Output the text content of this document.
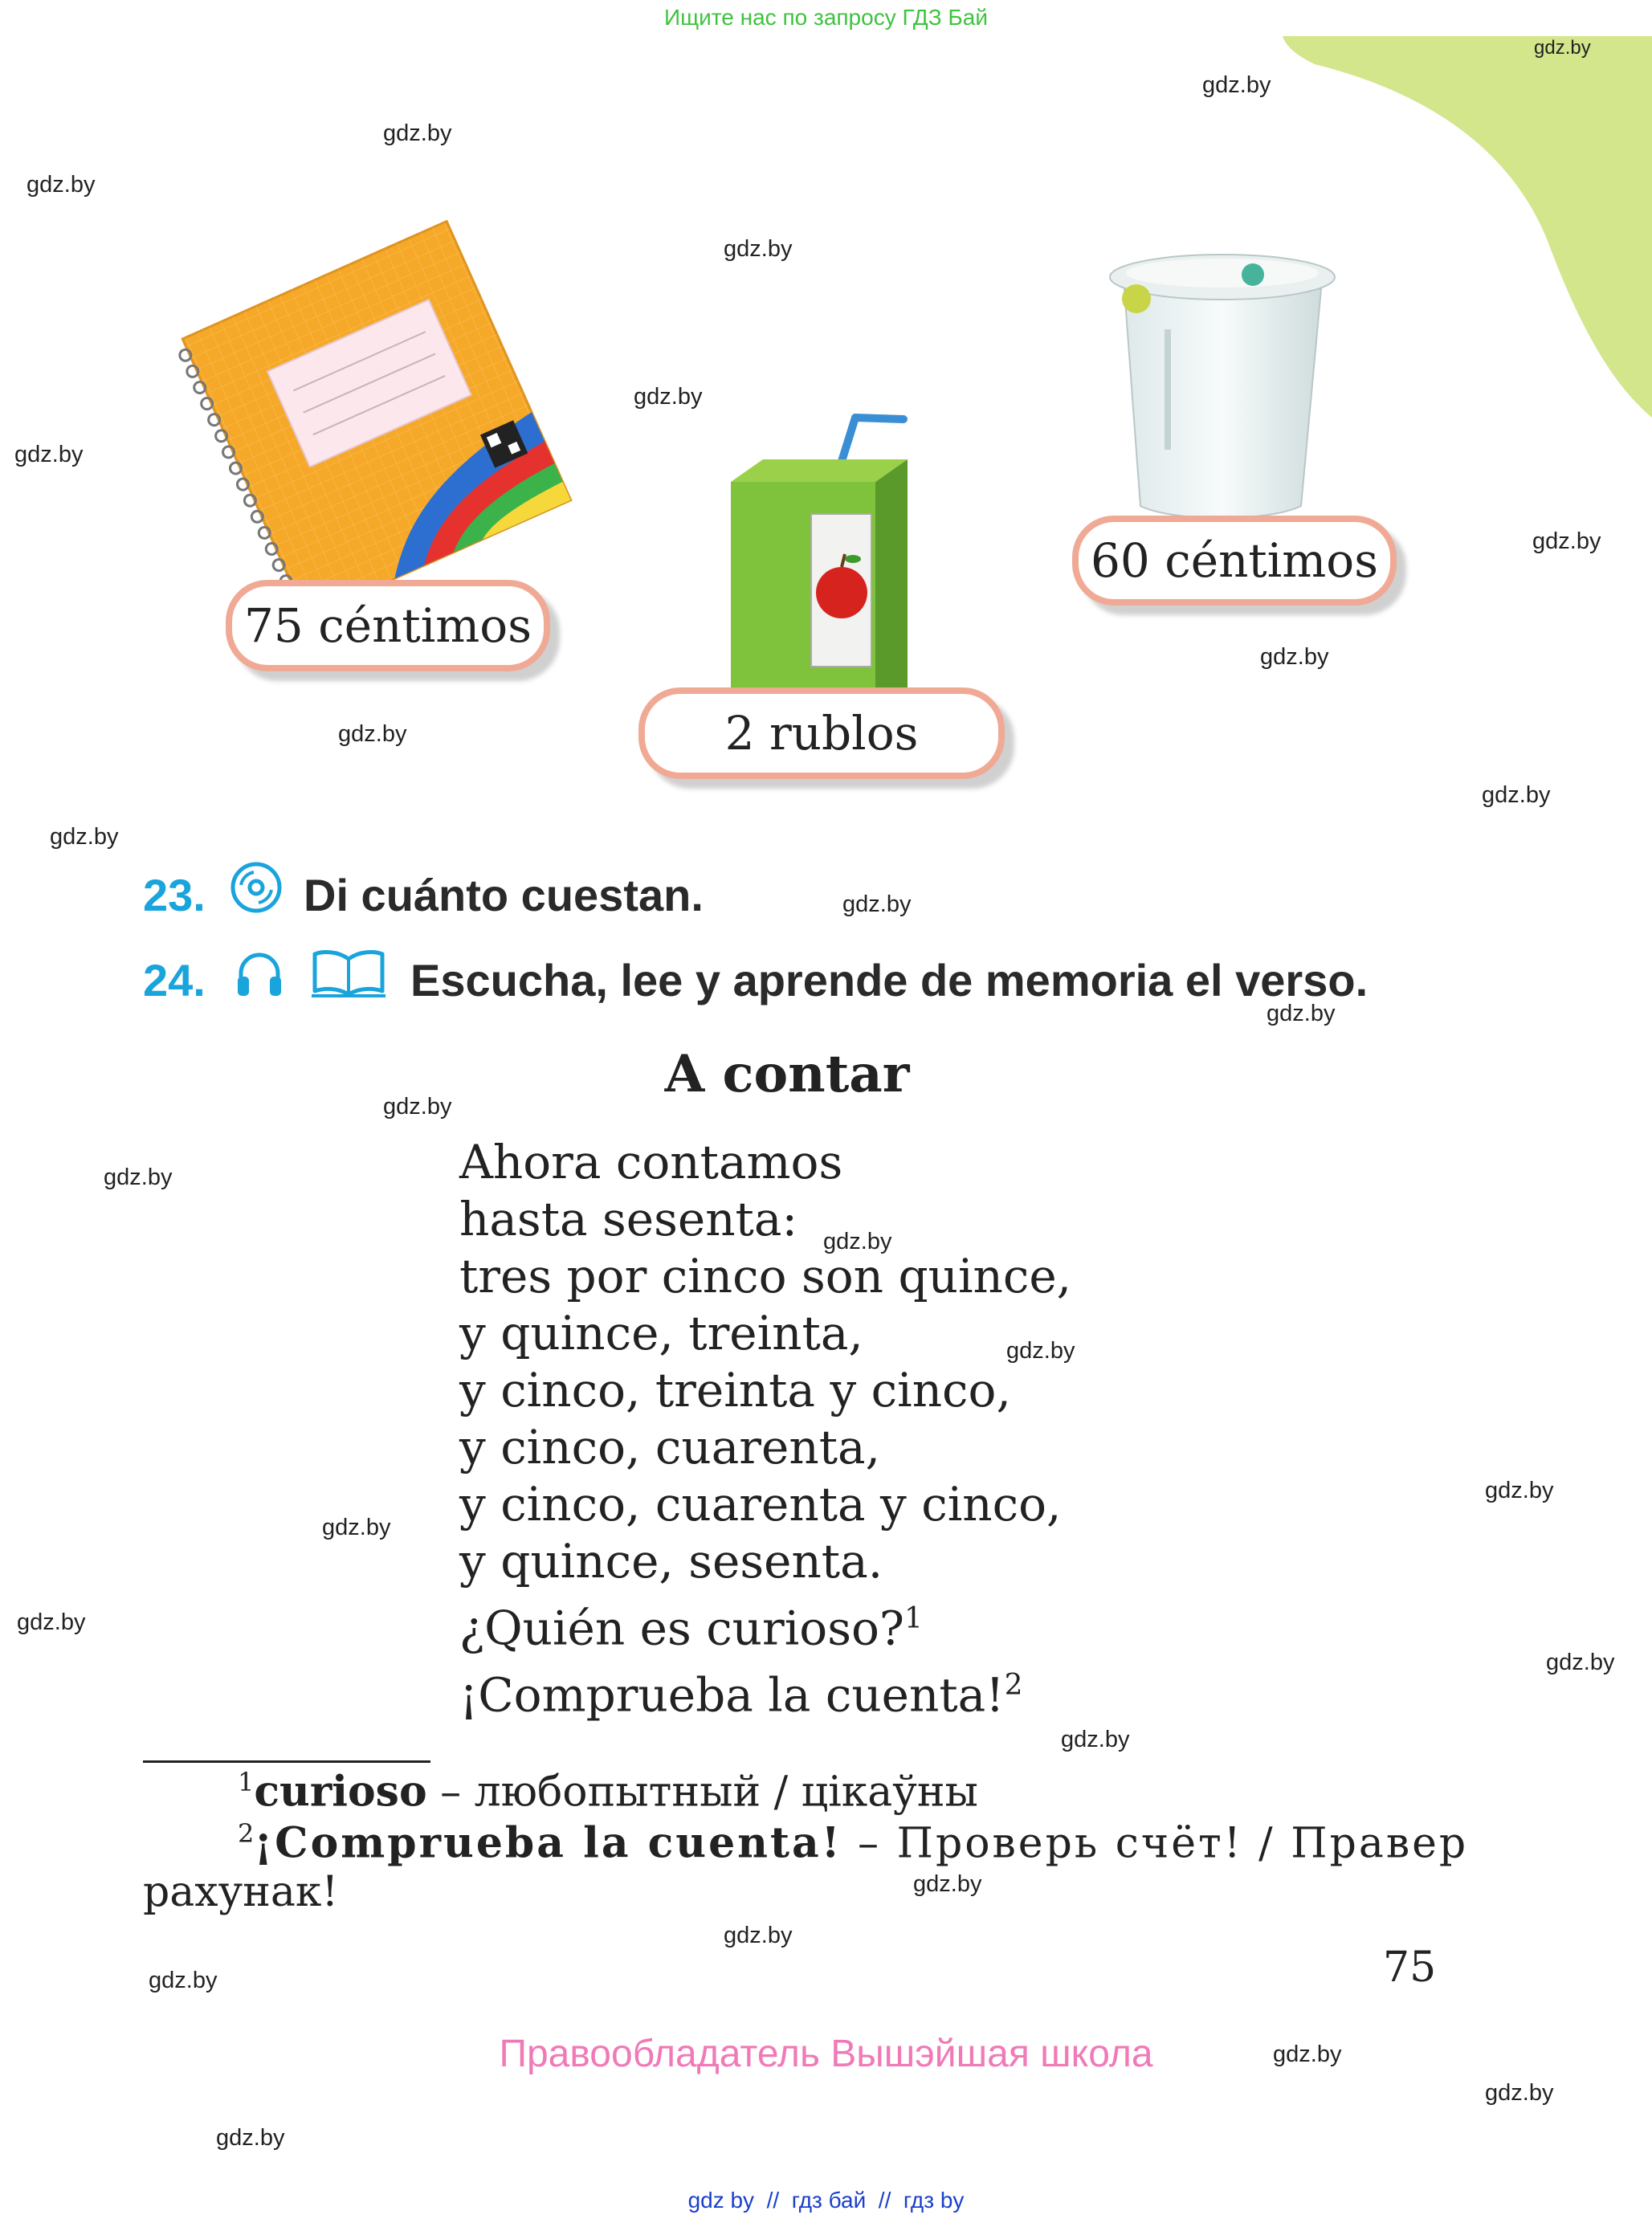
Ищите нас по запросу ГДЗ Бай
gdz.by
gdz.by
gdz.by
gdz.by
gdz.by
gdz.by
gdz.by
gdz.by
gdz.by
gdz.by
gdz.by
gdz.by
gdz.by
gdz.by
gdz.by
gdz.by
gdz.by
gdz.by
gdz.by
gdz.by
gdz.by
gdz.by
gdz.by
gdz.by
gdz.by
gdz.by
gdz.by
gdz.by
gdz.by
75 céntimos
2 rublos
60 céntimos
23. Di cuánto cuestan.
24.	Escucha, lee y aprende de memoria el verso.
A contar
Ahora contamos
hasta sesenta:
tres por cinco son quince,
y quince, treinta,
y cinco, treinta y cinco,
y cinco, cuarenta,
y cinco, cuarenta y cinco,
y quince, sesenta.
¿Quién es curioso?$^1$
¡Comprueba la cuenta!$^2$
$^1$curioso – любопытный / цікаўны
$^2$¡Comprueba la cuenta! – Проверь счёт! / Правер
рахунак!
75
Правообладатель Вышэйшая школа
gdz by  //  гдз бай  //  гдз by
